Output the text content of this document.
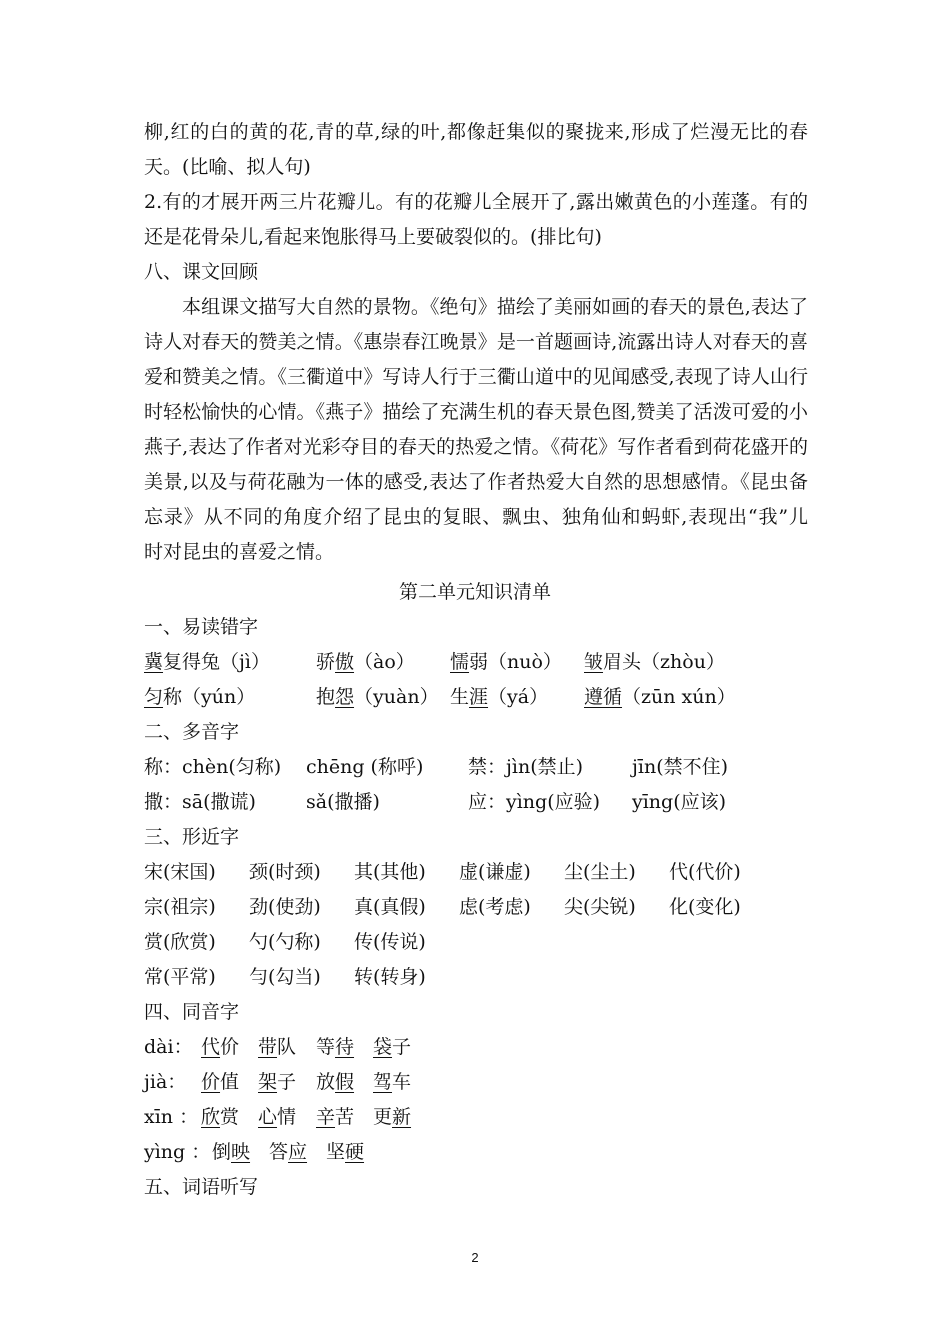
柳,红的白的黄的花,青的草,绿的叶,都像赶集似的聚拢来,形成了烂漫无比的春
天。(比喻、拟人句)
2.有的才展开两三片花瓣儿。有的花瓣儿全展开了,露出嫩黄色的小莲蓬。有的
还是花骨朵儿,看起来饱胀得马上要破裂似的。(排比句)
八、课文回顾
本组课文描写大自然的景物。《绝句》描绘了美丽如画的春天的景色,表达了
诗人对春天的赞美之情。《惠崇春江晚景》是一首题画诗,流露出诗人对春天的喜
爱和赞美之情。《三衢道中》写诗人行于三衢山道中的见闻感受,表现了诗人山行
时轻松愉快的心情。《燕子》描绘了充满生机的春天景色图,赞美了活泼可爱的小
燕子,表达了作者对光彩夺目的春天的热爱之情。《荷花》写作者看到荷花盛开的
美景,以及与荷花融为一体的感受,表达了作者热爱大自然的思想感情。《昆虫备
忘录》从不同的角度介绍了昆虫的复眼、飘虫、独角仙和蚂虾,表现出“我”儿
时对昆虫的喜爱之情。
第二单元知识清单
一、易读错字
冀复得兔（jì） 骄傲（ào） 懦弱（nuò） 皱眉头（zhòu）
匀称（yún）	抱怨（yuàn） 生涯（yá） 遵循（zūn xún）
二、多音字
称：chèn(匀称) chēng (称呼) 禁：jìn(禁止)	jīn(禁不住)
撒：sā(撒谎)	sǎ(撒播)	应：yìng(应验) yīng(应该)
三、形近字
宋(宋国) 颈(时颈) 其(其他) 虚(谦虚) 尘(尘土) 代(代价)
宗(祖宗) 劲(使劲) 真(真假) 虑(考虑) 尖(尖锐) 化(变化)
赏(欣赏) 勺(勺称) 传(传说)
常(平常) 勻(勾当) 转(转身)
四、同音字
dài： 代价 带队 等待 袋子
jià： 价值 架子 放假 驾车
xīn ： 欣赏 心情 辛苦 更新
yìng ： 倒映 答应 坚硬
五、词语听写
2
